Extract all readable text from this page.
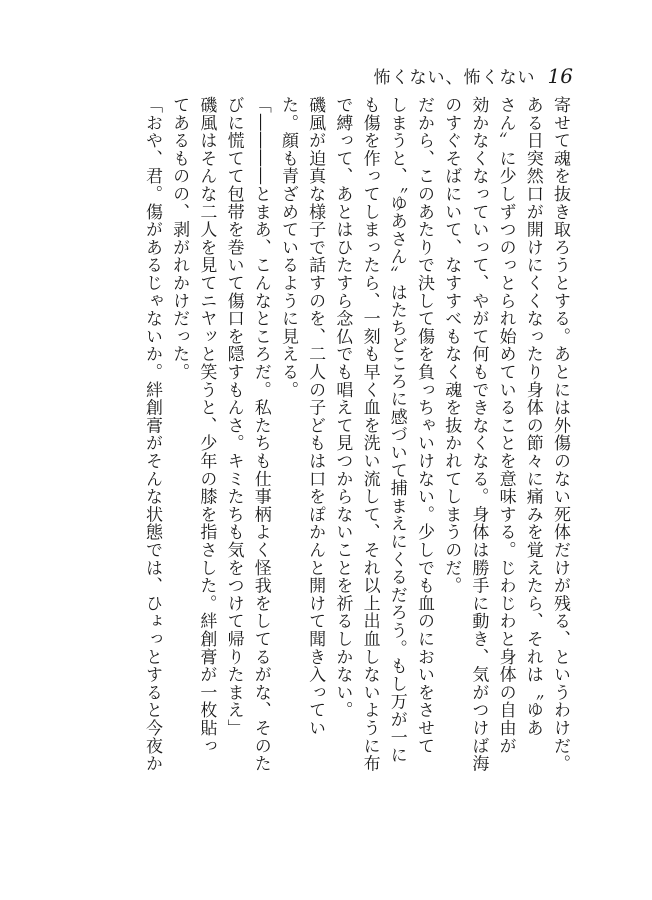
怖くない、怖くない 16
寄せて魂を抜き取ろうとする。あとには外傷のない死体だけが残る、というわけだ。
ある日突然口が開けにくくなったり身体の節々に痛みを覚えたら、それは〝ゆあ
さん〟に少しずつのっとられ始めていることを意味する。じわじわと身体の自由が
効かなくなっていって、やがて何もできなくなる。身体は勝手に動き、気がつけば海
のすぐそばにいて、なすすべもなく魂を抜かれてしまうのだ。
だから、このあたりで決して傷を負っちゃいけない。少しでも血のにおいをさせて
しまうと、〝ゆあさん〟はたちどころに感づいて捕まえにくるだろう。もし万が一に
も傷を作ってしまったら、一刻も早く血を洗い流して、それ以上出血しないように布
で縛って、あとはひたすら念仏でも唱えて見つからないことを祈るしかない。
磯風が迫真な様子で話すのを、二人の子どもは口をぽかんと開けて聞き入ってい
た。顔も青ざめているように見える。
「――――とまあ、こんなところだ。私たちも仕事柄よく怪我をしてるがな、そのた
びに慌てて包帯を巻いて傷口を隠すもんさ。キミたちも気をつけて帰りたまえ」
磯風はそんな二人を見てニヤッと笑うと、少年の膝を指さした。絆創膏が一枚貼っ
てあるものの、剥がれかけだった。
「おや、君。傷があるじゃないか。絆創膏がそんな状態では、ひょっとすると今夜か
